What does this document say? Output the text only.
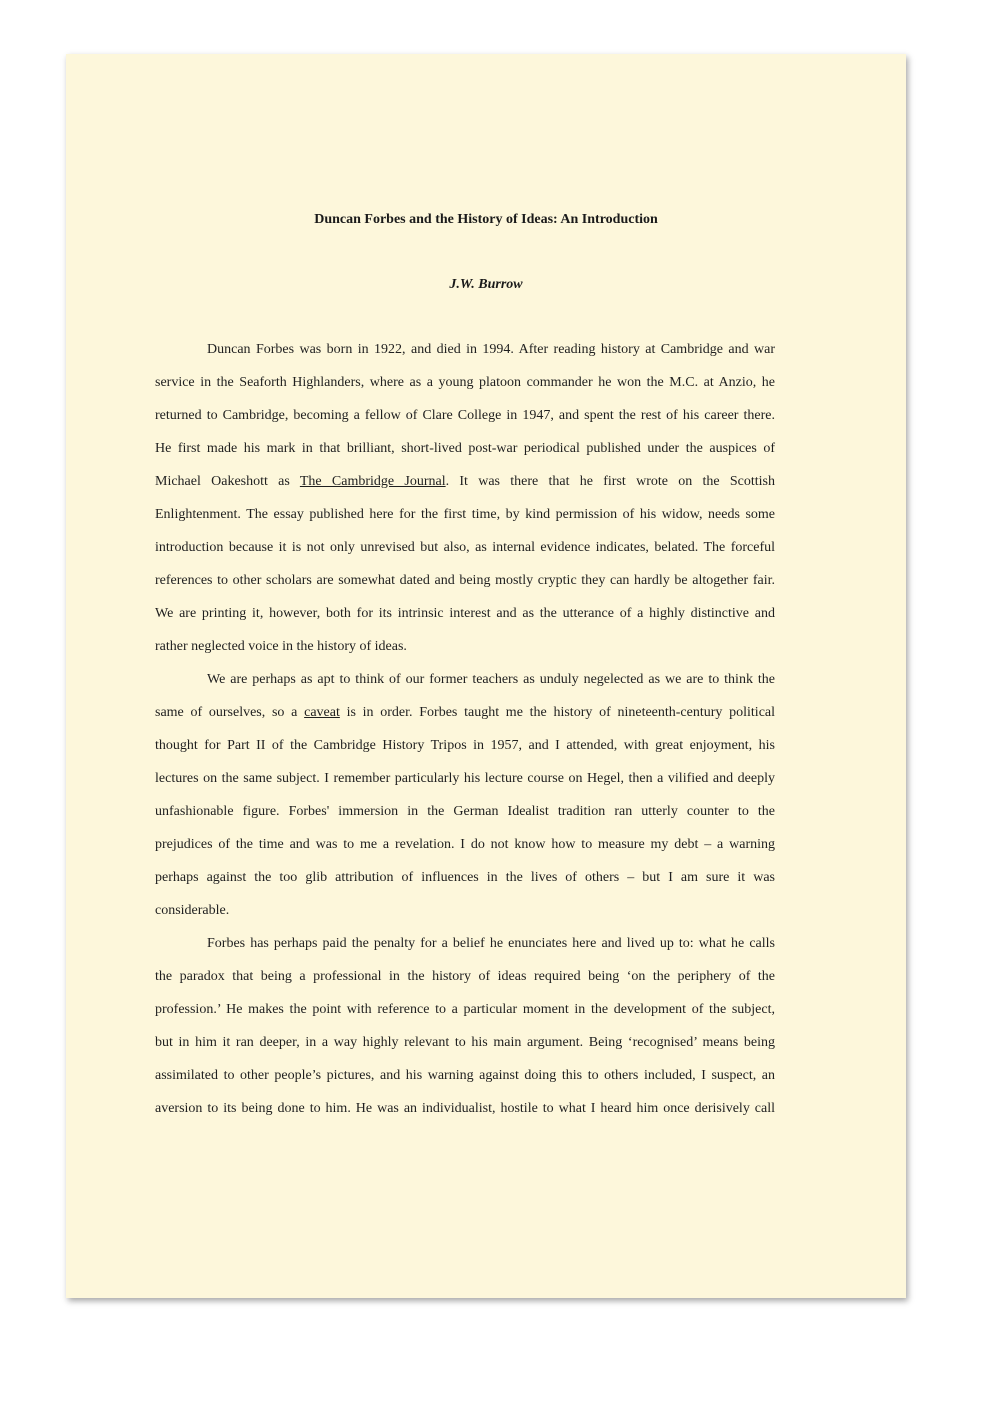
Duncan Forbes and the History of Ideas: An Introduction
J.W. Burrow
Duncan Forbes was born in 1922, and died in 1994. After reading history at Cambridge and war
service in the Seaforth Highlanders, where as a young platoon commander he won the M.C. at Anzio, he
returned to Cambridge, becoming a fellow of Clare College in 1947, and spent the rest of his career there.
He first made his mark in that brilliant, short-lived post-war periodical published under the auspices of
Michael Oakeshott as The Cambridge Journal. It was there that he first wrote on the Scottish
Enlightenment. The essay published here for the first time, by kind permission of his widow, needs some
introduction because it is not only unrevised but also, as internal evidence indicates, belated. The forceful
references to other scholars are somewhat dated and being mostly cryptic they can hardly be altogether fair.
We are printing it, however, both for its intrinsic interest and as the utterance of a highly distinctive and
rather neglected voice in the history of ideas.
We are perhaps as apt to think of our former teachers as unduly negelected as we are to think the
same of ourselves, so a caveat is in order. Forbes taught me the history of nineteenth-century political
thought for Part II of the Cambridge History Tripos in 1957, and I attended, with great enjoyment, his
lectures on the same subject. I remember particularly his lecture course on Hegel, then a vilified and deeply
unfashionable figure. Forbes' immersion in the German Idealist tradition ran utterly counter to the
prejudices of the time and was to me a revelation. I do not know how to measure my debt – a warning
perhaps against the too glib attribution of influences in the lives of others – but I am sure it was
considerable.
Forbes has perhaps paid the penalty for a belief he enunciates here and lived up to: what he calls
the paradox that being a professional in the history of ideas required being ‘on the periphery of the
profession.’ He makes the point with reference to a particular moment in the development of the subject,
but in him it ran deeper, in a way highly relevant to his main argument. Being ‘recognised’ means being
assimilated to other people’s pictures, and his warning against doing this to others included, I suspect, an
aversion to its being done to him. He was an individualist, hostile to what I heard him once derisively call
